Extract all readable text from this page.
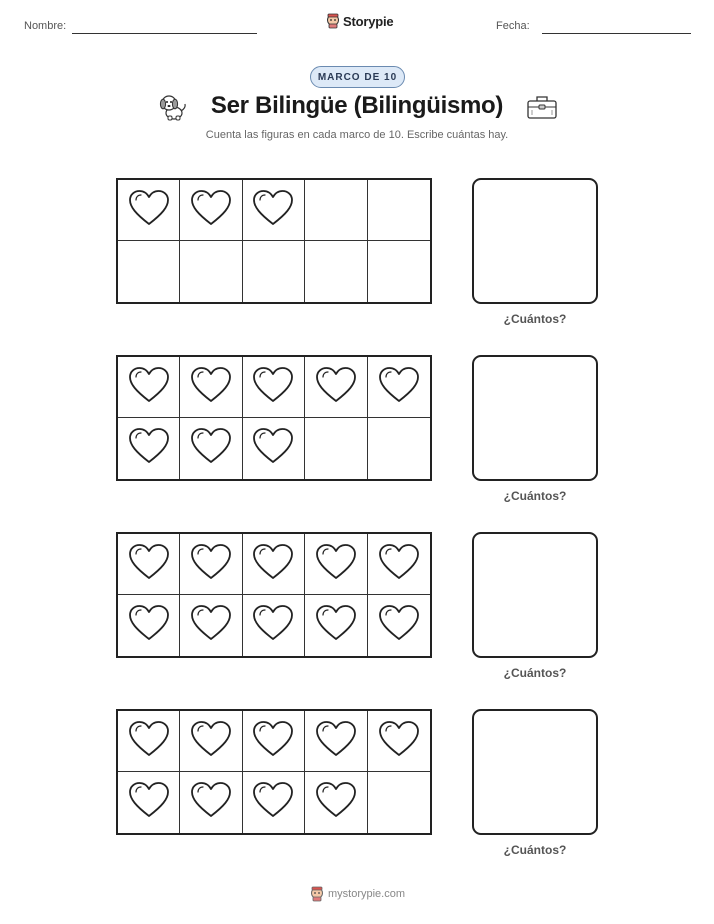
Nombre:	Storypie	Fecha:
MARCO DE 10
Ser Bilingüe (Bilingüismo)
Cuenta las figuras en cada marco de 10. Escribe cuántas hay.
¿Cuántos?
¿Cuántos?
¿Cuántos?
¿Cuántos?
mystorypie.com
